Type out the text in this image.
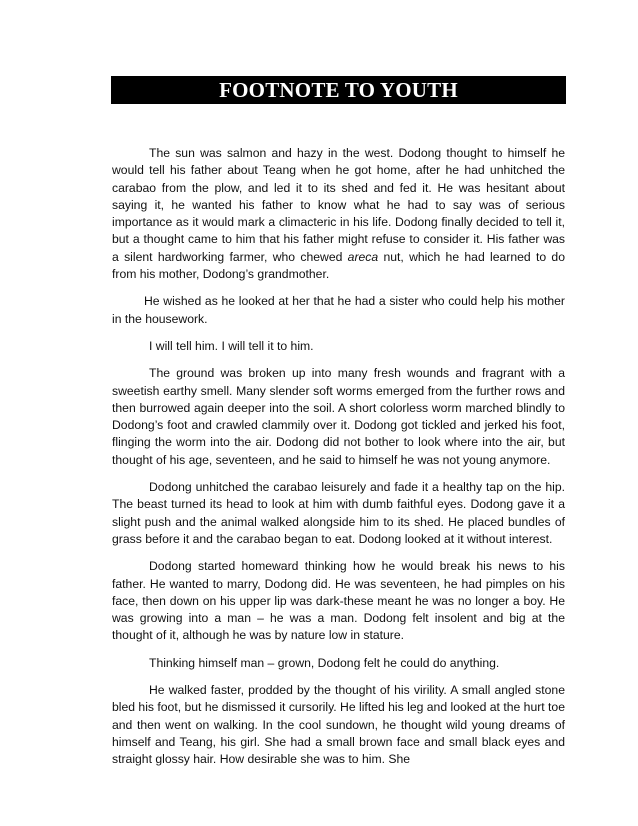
FOOTNOTE TO YOUTH

The sun was salmon and hazy in the west. Dodong thought to himself he would tell his father about Teang when he got home, after he had unhitched the carabao from the plow, and led it to its shed and fed it. He was hesitant about saying it, he wanted his father to know what he had to say was of serious importance as it would mark a climacteric in his life. Dodong finally decided to tell it, but a thought came to him that his father might refuse to consider it. His father was a silent hardworking farmer, who chewed areca nut, which he had learned to do from his mother, Dodong’s grandmother.

He wished as he looked at her that he had a sister who could help his mother in the housework.

I will tell him. I will tell it to him.

The ground was broken up into many fresh wounds and fragrant with a sweetish earthy smell. Many slender soft worms emerged from the further rows and then burrowed again deeper into the soil. A short colorless worm marched blindly to Dodong’s foot and crawled clammily over it. Dodong got tickled and jerked his foot, flinging the worm into the air. Dodong did not bother to look where into the air, but thought of his age, seventeen, and he said to himself he was not young anymore.

Dodong unhitched the carabao leisurely and fade it a healthy tap on the hip. The beast turned its head to look at him with dumb faithful eyes. Dodong gave it a slight push and the animal walked alongside him to its shed. He placed bundles of grass before it and the carabao began to eat. Dodong looked at it without interest.

Dodong started homeward thinking how he would break his news to his father. He wanted to marry, Dodong did. He was seventeen, he had pimples on his face, then down on his upper lip was dark-these meant he was no longer a boy. He was growing into a man – he was a man. Dodong felt insolent and big at the thought of it, although he was by nature low in stature.

Thinking himself man – grown, Dodong felt he could do anything.

He walked faster, prodded by the thought of his virility. A small angled stone bled his foot, but he dismissed it cursorily. He lifted his leg and looked at the hurt toe and then went on walking. In the cool sundown, he thought wild young dreams of himself and Teang, his girl. She had a small brown face and small black eyes and straight glossy hair. How desirable she was to him. She
